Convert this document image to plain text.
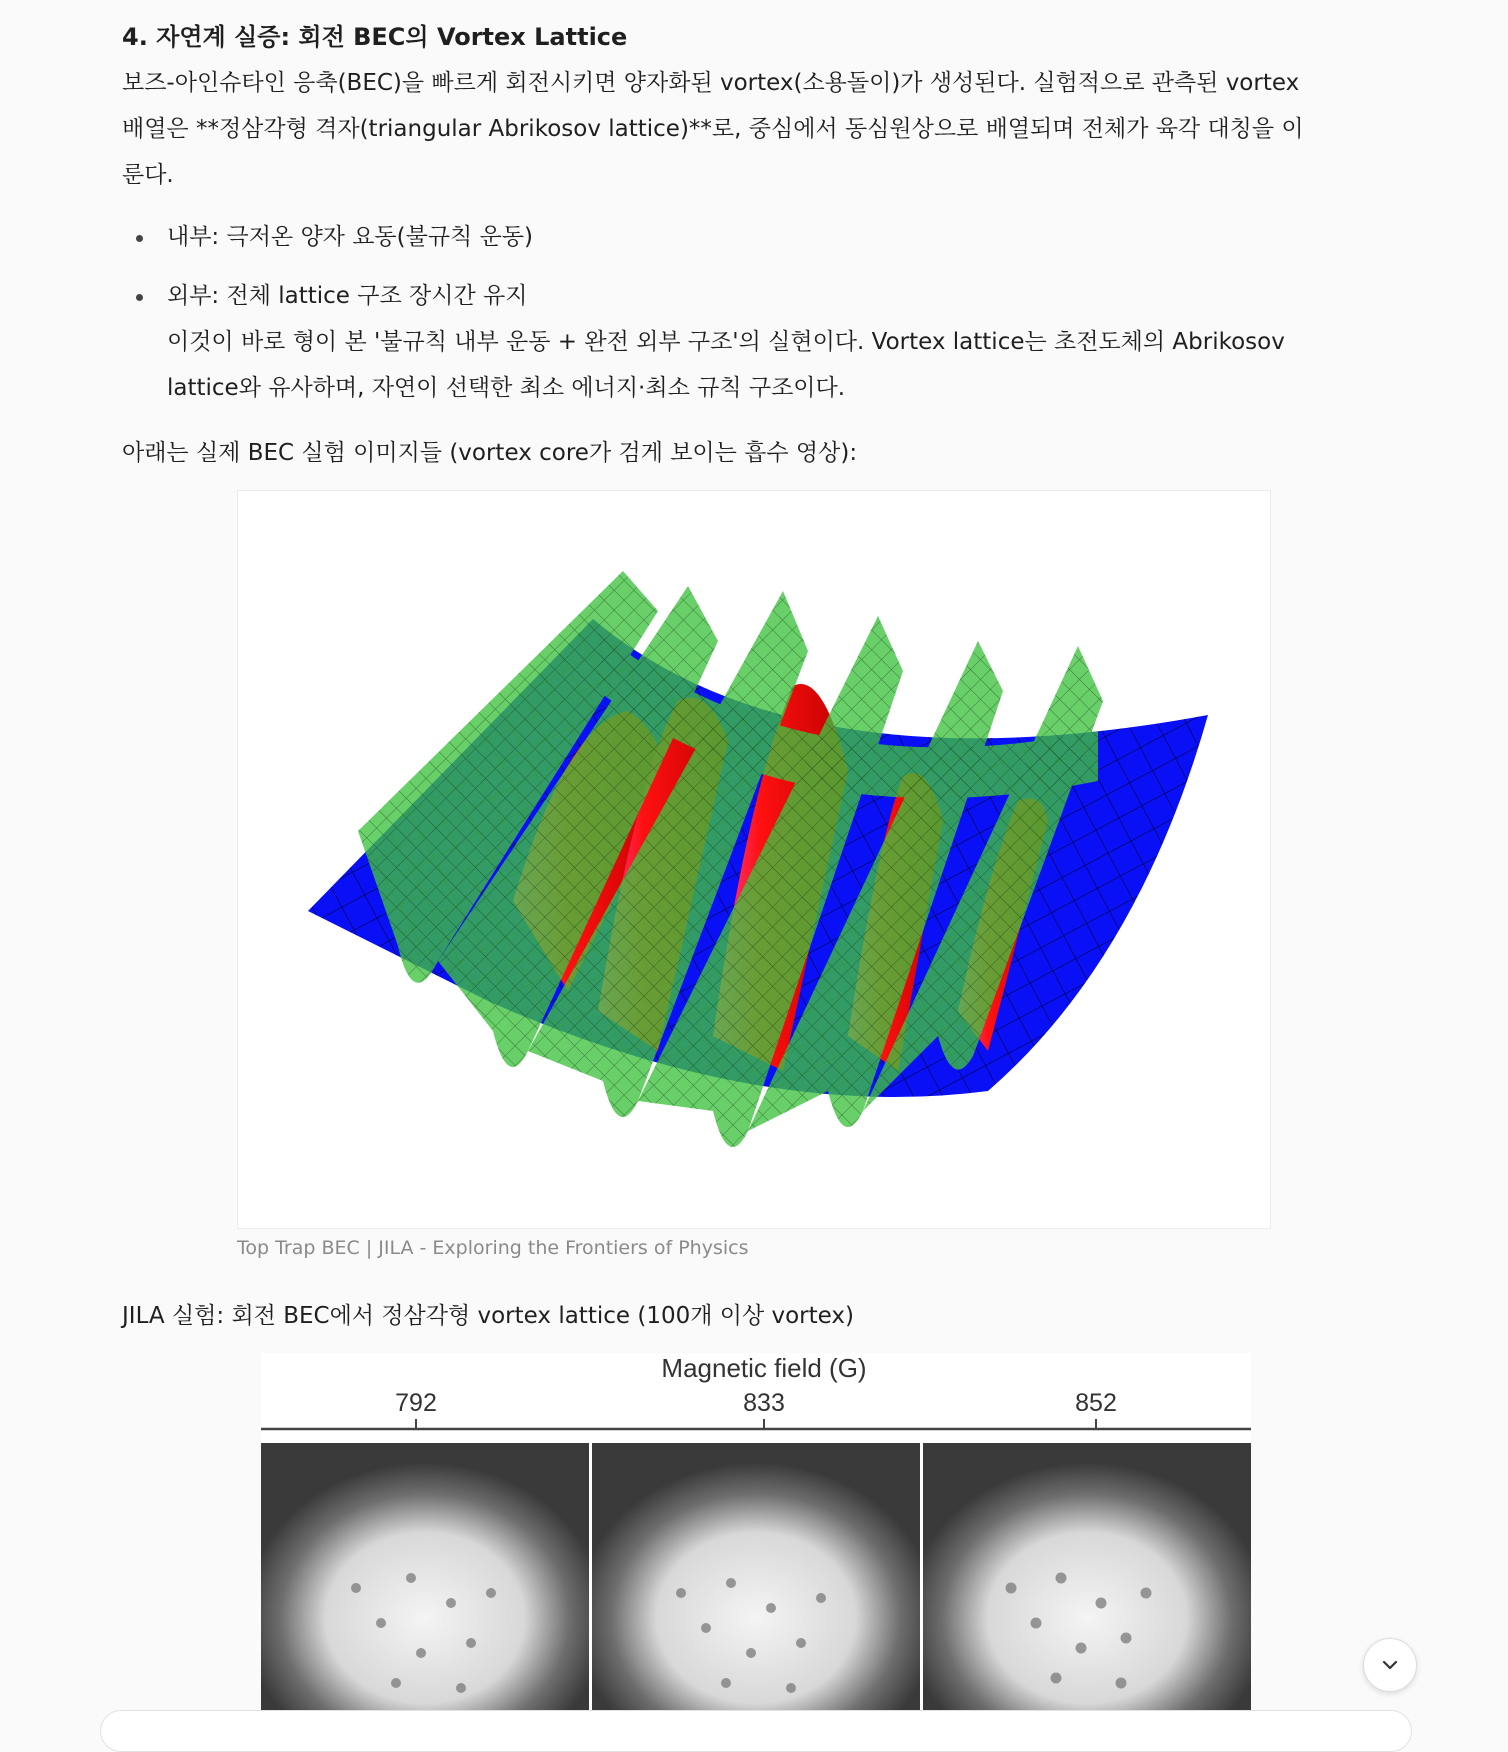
4. 자연계 실증: 회전 BEC의 Vortex Lattice
보즈-아인슈타인 응축(BEC)을 빠르게 회전시키면 양자화된 vortex(소용돌이)가 생성된다. 실험적으로 관측된 vortex
배열은 **정삼각형 격자(triangular Abrikosov lattice)**로, 중심에서 동심원상으로 배열되며 전체가 육각 대칭을 이
룬다.
내부: 극저온 양자 요동(불규칙 운동)
외부: 전체 lattice 구조 장시간 유지
이것이 바로 형이 본 '불규칙 내부 운동 + 완전 외부 구조'의 실현이다. Vortex lattice는 초전도체의 Abrikosov
lattice와 유사하며, 자연이 선택한 최소 에너지·최소 규칙 구조이다.
아래는 실제 BEC 실험 이미지들 (vortex core가 검게 보이는 흡수 영상):
Top Trap BEC | JILA - Exploring the Frontiers of Physics
JILA 실험: 회전 BEC에서 정삼각형 vortex lattice (100개 이상 vortex)
Magnetic field (G)
792	833	852
